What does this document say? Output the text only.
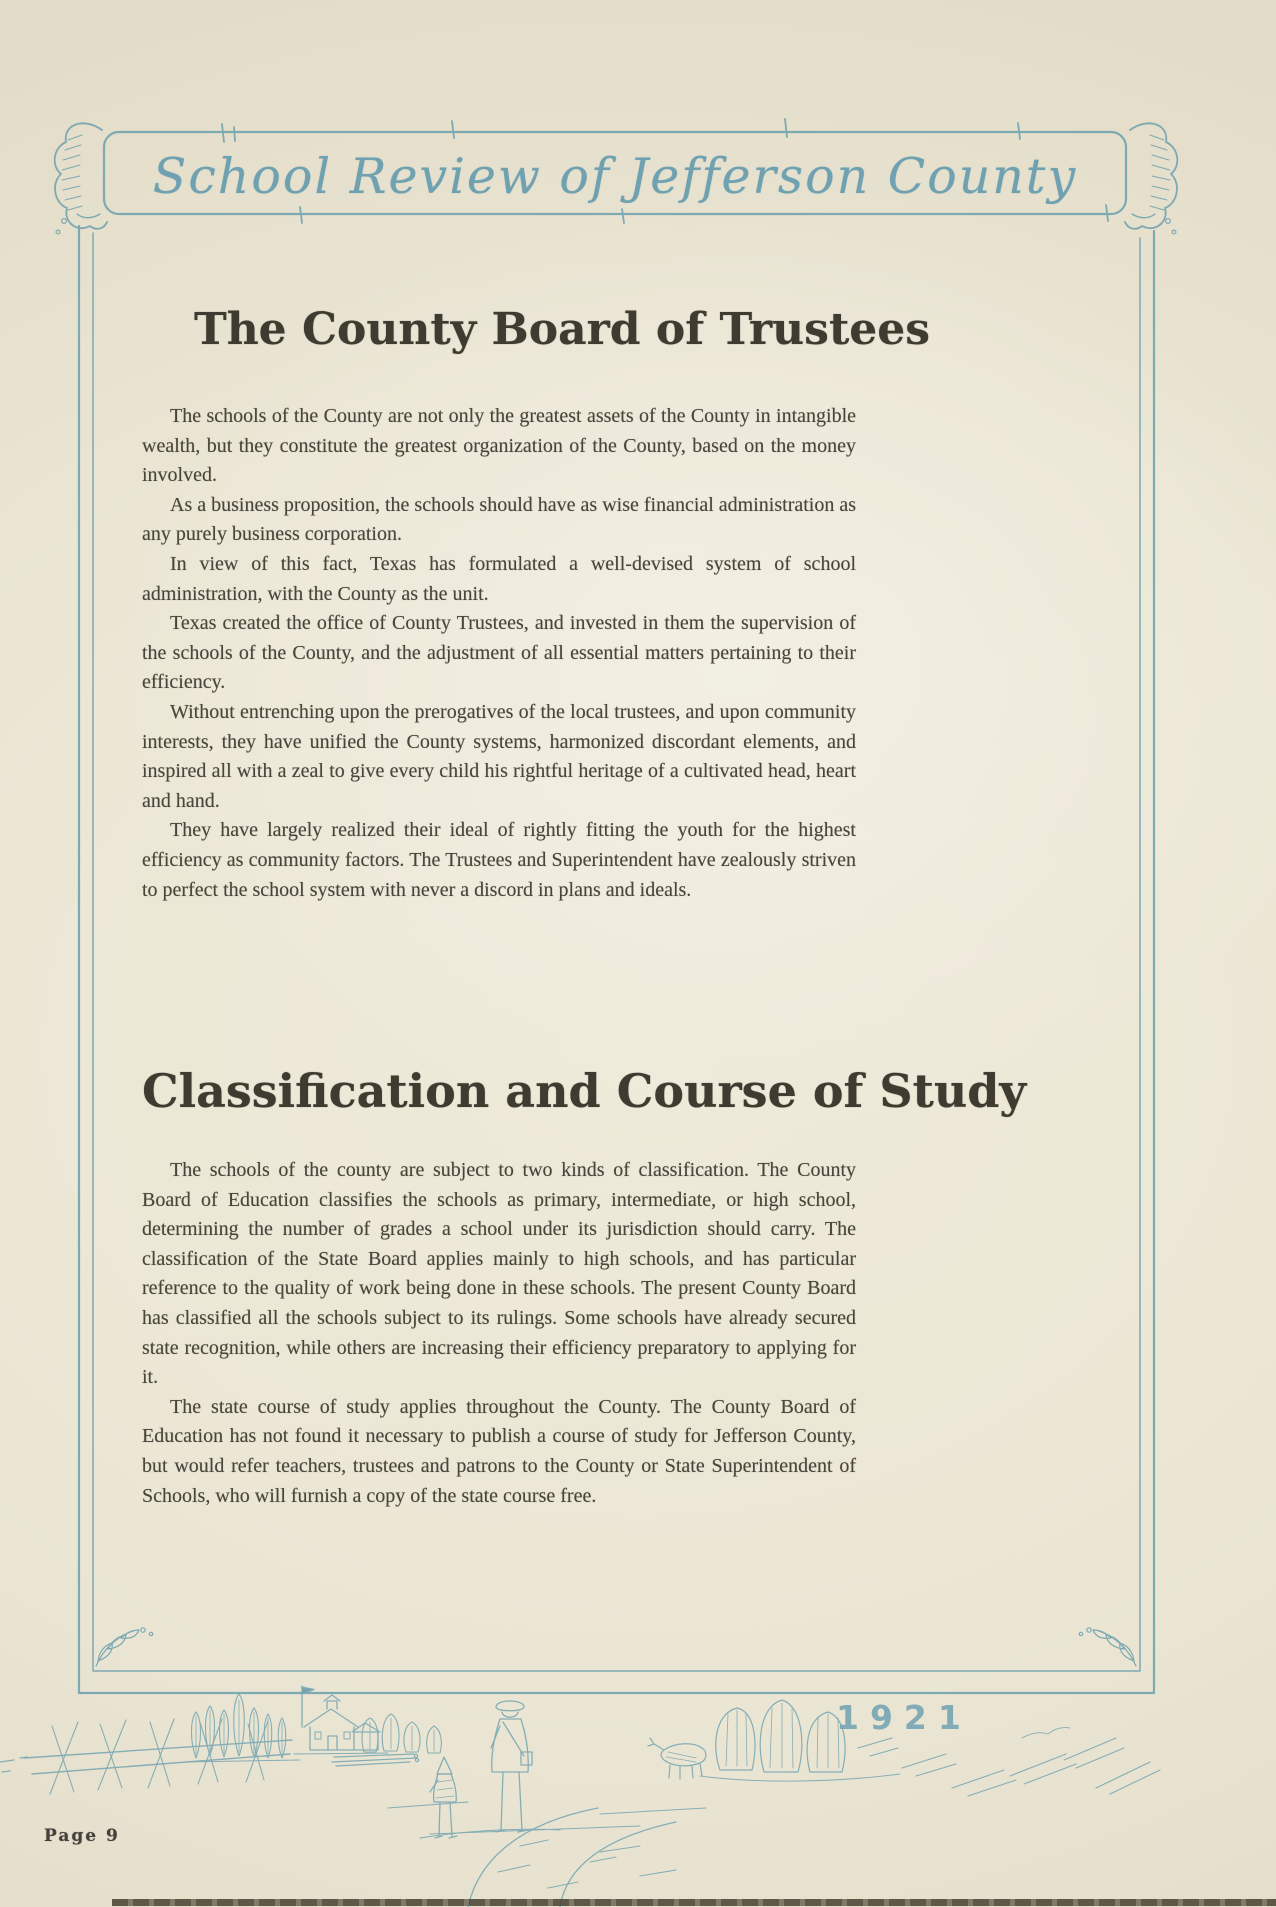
School Review of Jefferson County
The County Board of Trustees

The schools of the County are not only the greatest assets of the County in intangible wealth, but they constitute the greatest organization of the County, based on the money involved.

As a business proposition, the schools should have as wise financial administration as any purely business corporation.

In view of this fact, Texas has formulated a well-devised system of school administration, with the County as the unit.

Texas created the office of County Trustees, and invested in them the supervision of the schools of the County, and the adjustment of all essential matters pertaining to their efficiency.

Without entrenching upon the prerogatives of the local trustees, and upon community interests, they have unified the County systems, harmonized discordant elements, and inspired all with a zeal to give every child his rightful heritage of a cultivated head, heart and hand.

They have largely realized their ideal of rightly fitting the youth for the highest efficiency as community factors. The Trustees and Superintendent have zealously striven to perfect the school system with never a discord in plans and ideals.

Classification and Course of Study

The schools of the county are subject to two kinds of classification. The County Board of Education classifies the schools as primary, intermediate, or high school, determining the number of grades a school under its jurisdiction should carry. The classification of the State Board applies mainly to high schools, and has particular reference to the quality of work being done in these schools. The present County Board has classified all the schools subject to its rulings. Some schools have already secured state recognition, while others are increasing their efficiency preparatory to applying for it.

The state course of study applies throughout the County. The County Board of Education has not found it necessary to publish a course of study for Jefferson County, but would refer teachers, trustees and patrons to the County or State Superintendent of Schools, who will furnish a copy of the state course free.

1921
Page 9
